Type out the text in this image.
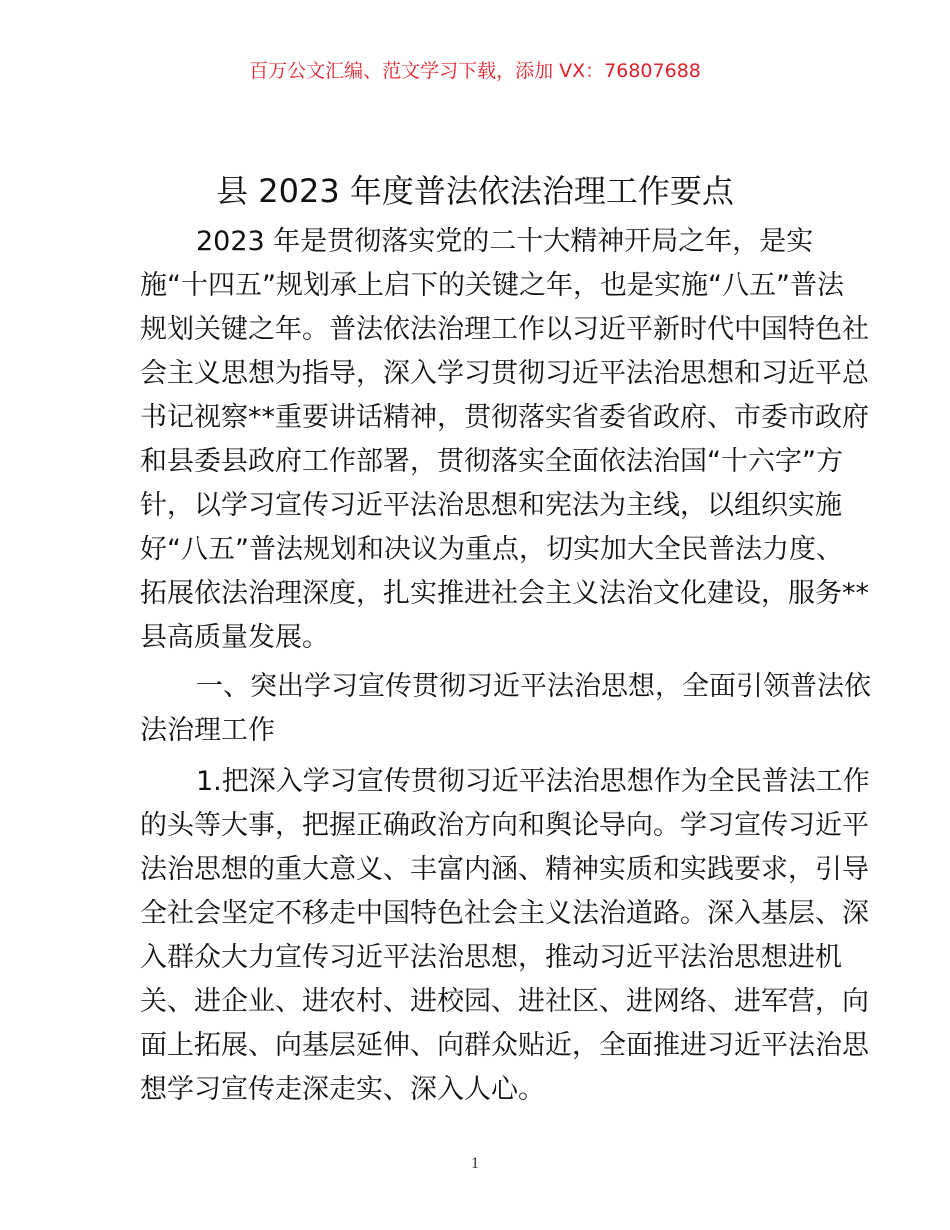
百万公文汇编、范文学习下载，添加 VX：76807688
县 2023 年度普法依法治理工作要点
2023 年是贯彻落实党的二十大精神开局之年，是实
施“十四五”规划承上启下的关键之年，也是实施“八五”普法
规划关键之年。普法依法治理工作以习近平新时代中国特色社
会主义思想为指导，深入学习贯彻习近平法治思想和习近平总
书记视察**重要讲话精神，贯彻落实省委省政府、市委市政府
和县委县政府工作部署，贯彻落实全面依法治国“十六字”方
针，以学习宣传习近平法治思想和宪法为主线，以组织实施
好“八五”普法规划和决议为重点，切实加大全民普法力度、
拓展依法治理深度，扎实推进社会主义法治文化建设，服务**
县高质量发展。
一、突出学习宣传贯彻习近平法治思想，全面引领普法依
法治理工作
1.把深入学习宣传贯彻习近平法治思想作为全民普法工作
的头等大事，把握正确政治方向和舆论导向。学习宣传习近平
法治思想的重大意义、丰富内涵、精神实质和实践要求，引导
全社会坚定不移走中国特色社会主义法治道路。深入基层、深
入群众大力宣传习近平法治思想，推动习近平法治思想进机
关、进企业、进农村、进校园、进社区、进网络、进军营，向
面上拓展、向基层延伸、向群众贴近，全面推进习近平法治思
想学习宣传走深走实、深入人心。
1
